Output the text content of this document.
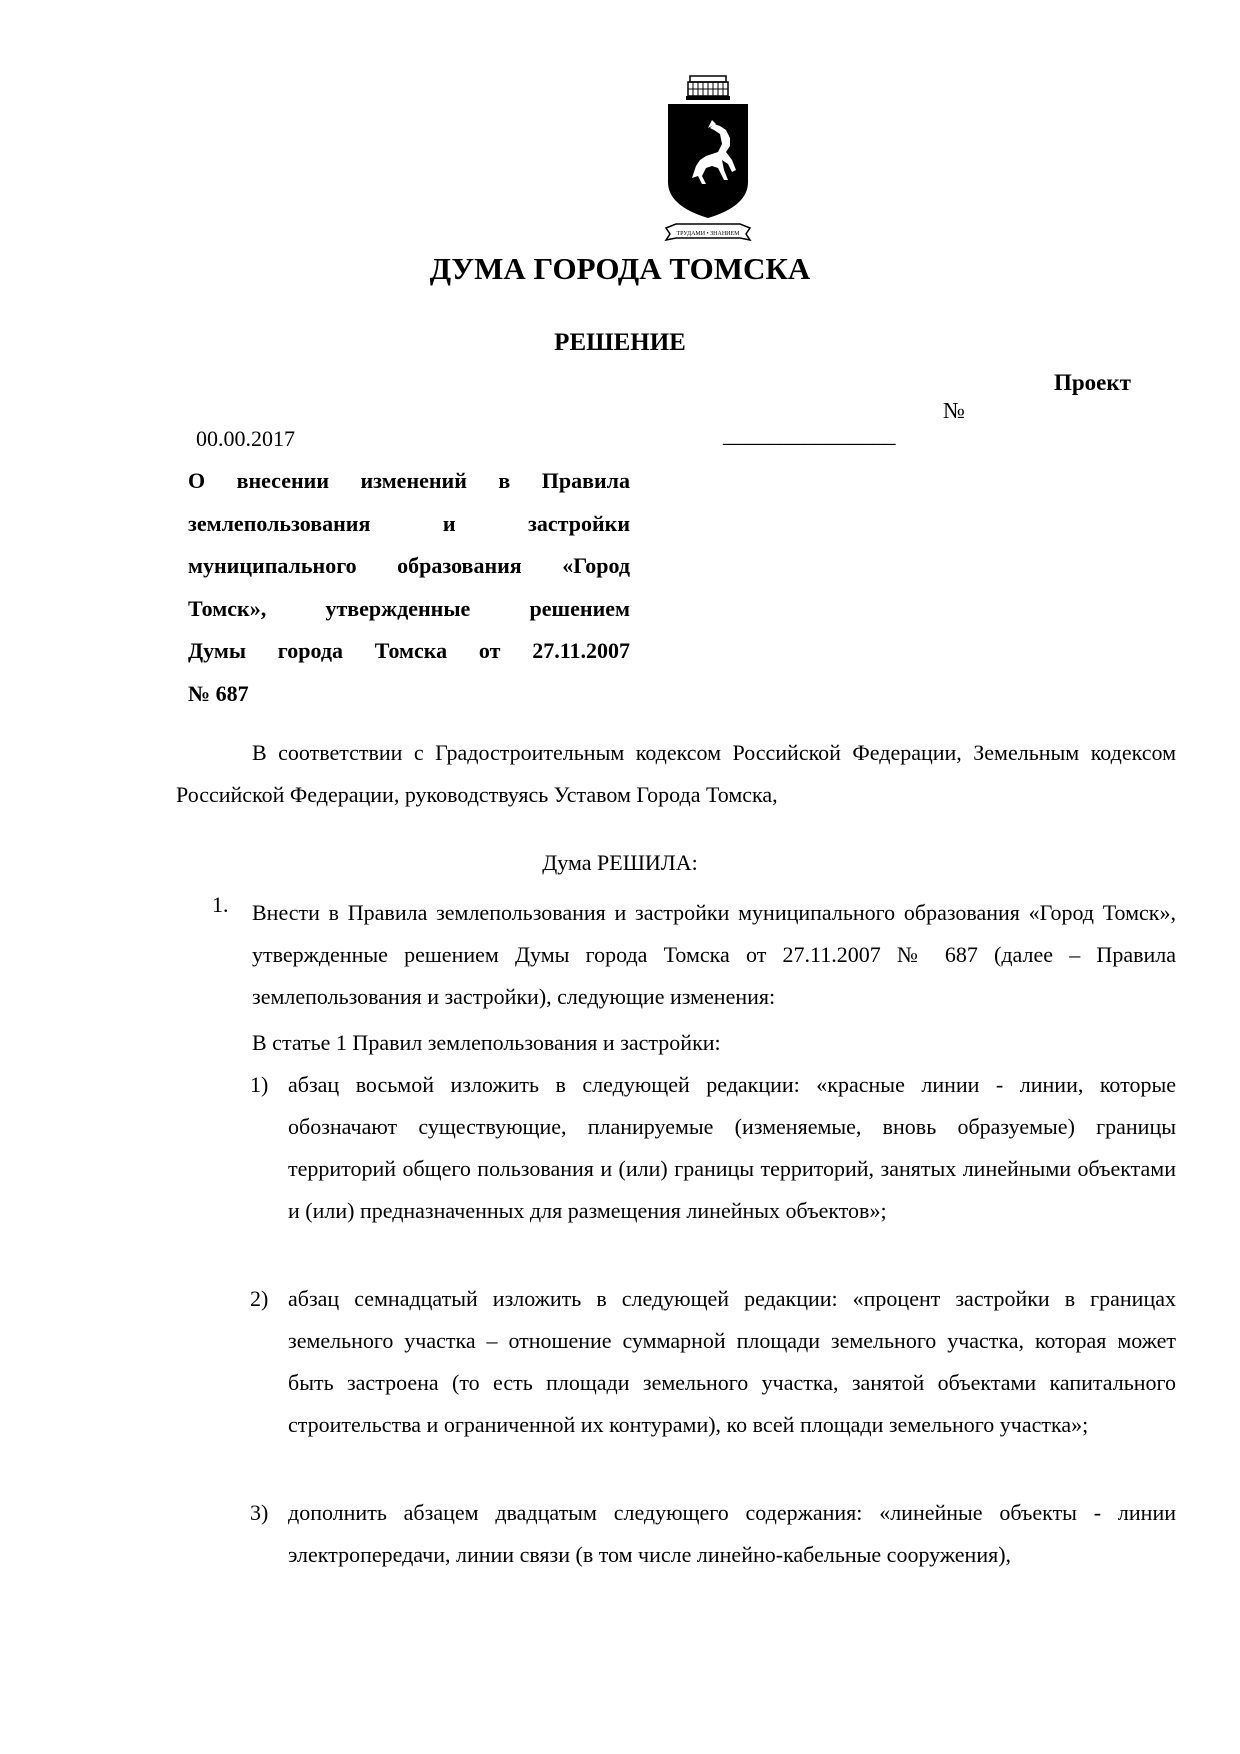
ТРУДАМИ • ЗНАНИЕМ
ДУМА ГОРОДА ТОМСКА
РЕШЕНИЕ
Проект
№
_______________
00.00.2017
О внесении изменений в Правила
землепользования и застройки
муниципального образования «Город
Томск», утвержденные решением
Думы города Томска от 27.11.2007
№ 687
В соответствии с Градостроительным кодексом Российской Федерации, Земельным кодексом Российской Федерации, руководствуясь Уставом Города Томска,
Дума РЕШИЛА:
1. Внести в Правила землепользования и застройки муниципального образования «Город Томск», утвержденные решением Думы города Томска от 27.11.2007 № 687 (далее – Правила землепользования и застройки), следующие изменения:
В статье 1 Правил землепользования и застройки:
1) абзац восьмой изложить в следующей редакции: «красные линии - линии, которые обозначают существующие, планируемые (изменяемые, вновь образуемые) границы территорий общего пользования и (или) границы территорий, занятых линейными объектами и (или) предназначенных для размещения линейных объектов»;
2) абзац семнадцатый изложить в следующей редакции: «процент застройки в границах земельного участка – отношение суммарной площади земельного участка, которая может быть застроена (то есть площади земельного участка, занятой объектами капитального строительства и ограниченной их контурами), ко всей площади земельного участка»;
3) дополнить абзацем двадцатым следующего содержания: «линейные объекты - линии электропередачи, линии связи (в том числе линейно-кабельные сооружения),
